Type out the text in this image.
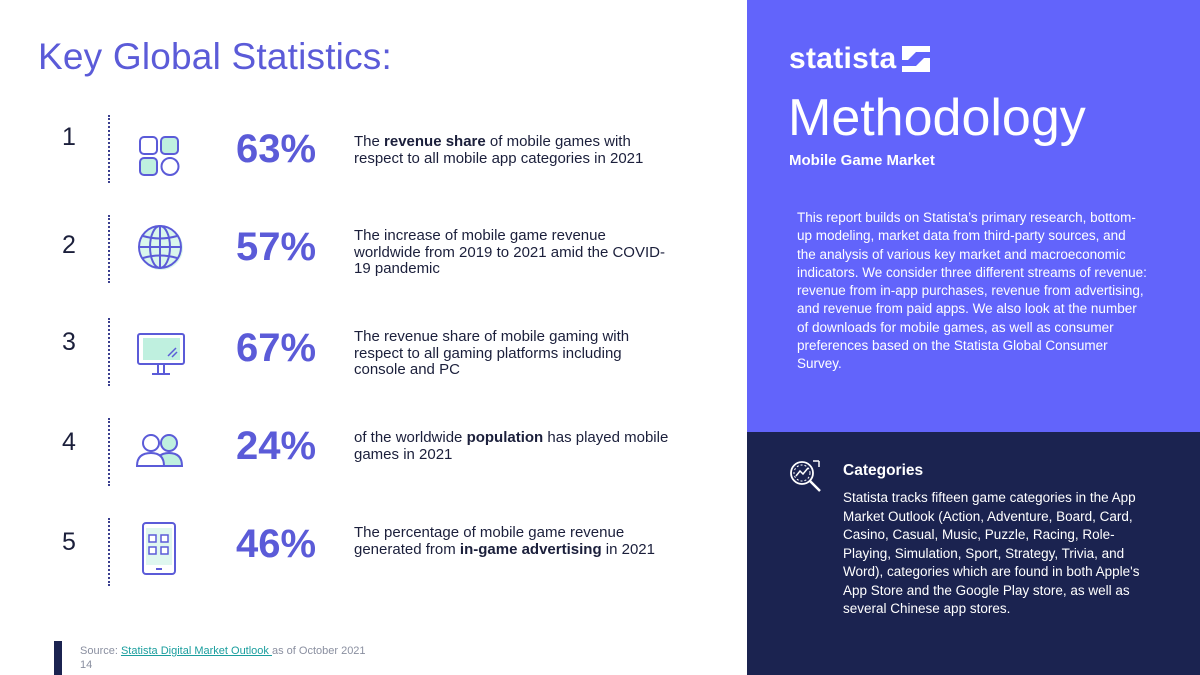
Key Global Statistics:
1	63%	The revenue share of mobile games with respect to all mobile app categories in 2021

2	57%	The increase of mobile game revenue worldwide from 2019 to 2021 amid the COVID-19 pandemic

3	67%	The revenue share of mobile gaming with respect to all gaming platforms including console and PC

4	24%	of the worldwide population has played mobile games in 2021

5	46%	The percentage of mobile game revenue generated from in-game advertising in 2021

Source: Statista Digital Market Outlook as of October 2021

14

statista
Methodology

Mobile Game Market

This report builds on Statista’s primary research, bottom-up modeling, market data from third-party sources, and the analysis of various key market and macroeconomic indicators. We consider three different streams of revenue: revenue from in-app purchases, revenue from advertising, and revenue from paid apps. We also look at the number of downloads for mobile games, as well as consumer preferences based on the Statista Global Consumer Survey.

Categories

Statista tracks fifteen game categories in the App Market Outlook (Action, Adventure, Board, Card, Casino, Casual, Music, Puzzle, Racing, Role-Playing, Simulation, Sport, Strategy, Trivia, and Word), categories which are found in both Apple's App Store and the Google Play store, as well as several Chinese app stores.
